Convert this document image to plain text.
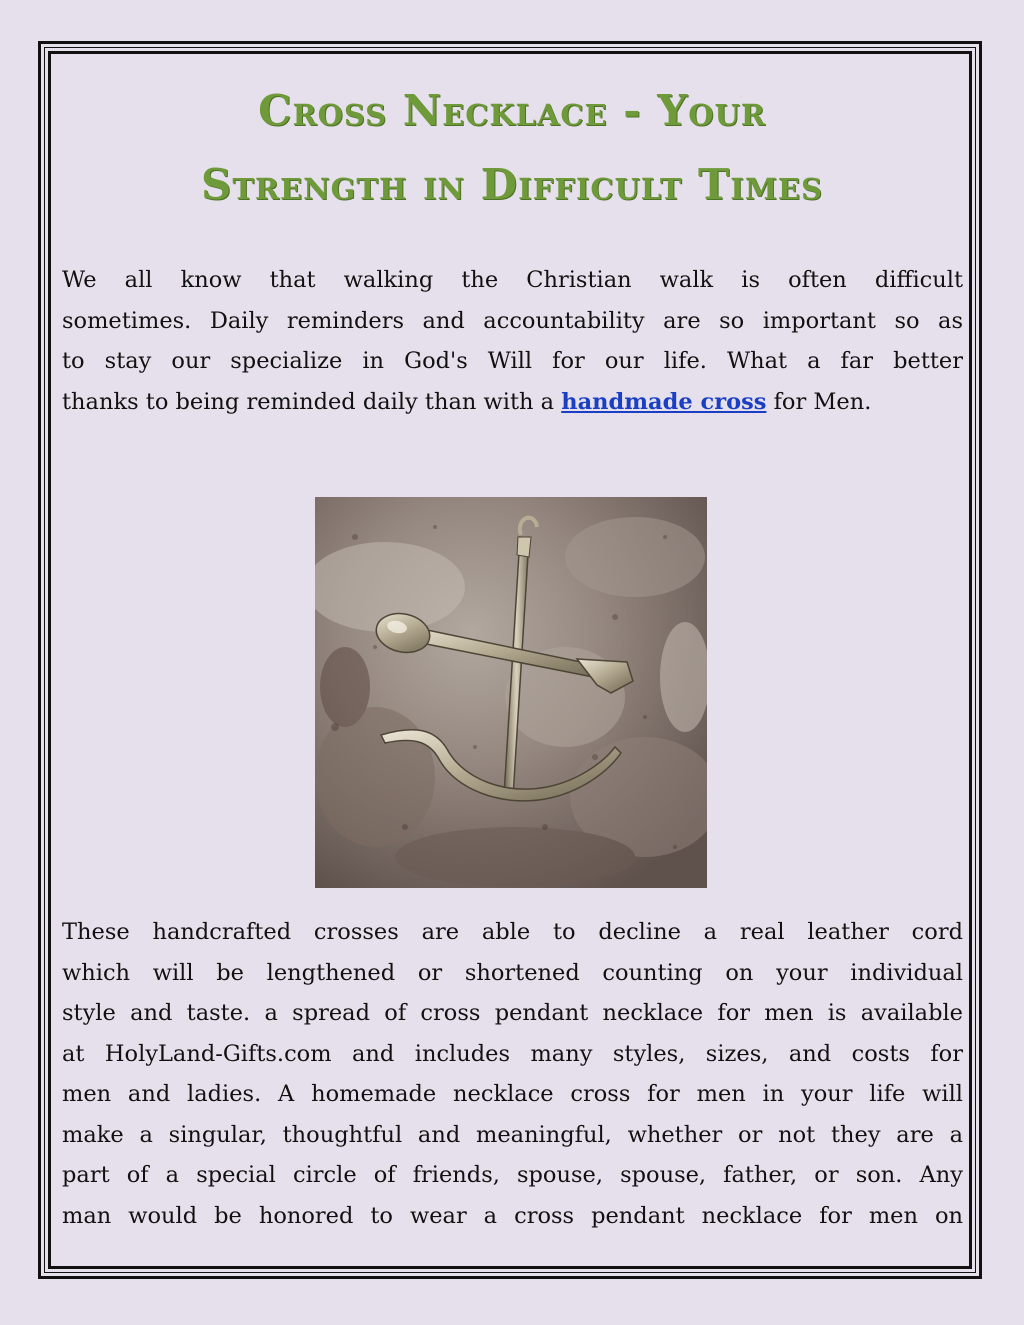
Cross Necklace - Your
Strength in Difficult Times

We all know that walking the Christian walk is often difficult
sometimes. Daily reminders and accountability are so important so as
to stay our specialize in God's Will for our life. What a far better
thanks to being reminded daily than with a handmade cross for Men.

These handcrafted crosses are able to decline a real leather cord
which will be lengthened or shortened counting on your individual
style and taste. a spread of cross pendant necklace for men is available
at HolyLand-Gifts.com and includes many styles, sizes, and costs for
men and ladies. A homemade necklace cross for men in your life will
make a singular, thoughtful and meaningful, whether or not they are a
part of a special circle of friends, spouse, spouse, father, or son. Any
man would be honored to wear a cross pendant necklace for men on
